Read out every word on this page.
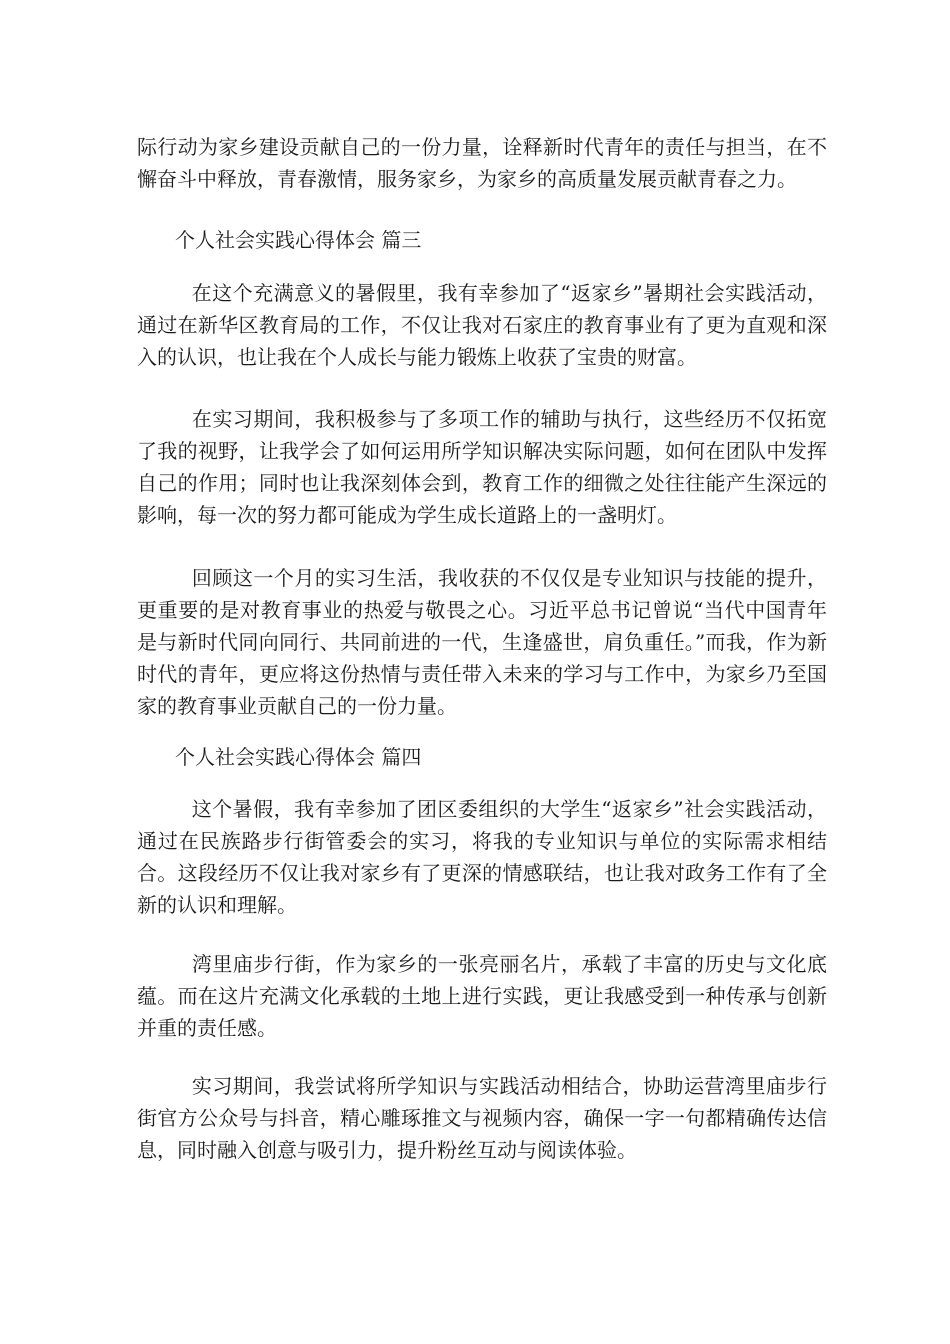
际行动为家乡建设贡献自己的一份力量，诠释新时代青年的责任与担当，在不懈奋斗中释放，青春激情，服务家乡，为家乡的高质量发展贡献青春之力。

个人社会实践心得体会 篇三

在这个充满意义的暑假里，我有幸参加了“返家乡”暑期社会实践活动，通过在新华区教育局的工作，不仅让我对石家庄的教育事业有了更为直观和深入的认识，也让我在个人成长与能力锻炼上收获了宝贵的财富。

在实习期间，我积极参与了多项工作的辅助与执行，这些经历不仅拓宽了我的视野，让我学会了如何运用所学知识解决实际问题，如何在团队中发挥自己的作用；同时也让我深刻体会到，教育工作的细微之处往往能产生深远的影响，每一次的努力都可能成为学生成长道路上的一盏明灯。

回顾这一个月的实习生活，我收获的不仅仅是专业知识与技能的提升，更重要的是对教育事业的热爱与敬畏之心。习近平总书记曾说“当代中国青年是与新时代同向同行、共同前进的一代，生逢盛世，肩负重任。”而我，作为新时代的青年，更应将这份热情与责任带入未来的学习与工作中，为家乡乃至国家的教育事业贡献自己的一份力量。

个人社会实践心得体会 篇四

这个暑假，我有幸参加了团区委组织的大学生“返家乡”社会实践活动，通过在民族路步行街管委会的实习，将我的专业知识与单位的实际需求相结合。这段经历不仅让我对家乡有了更深的情感联结，也让我对政务工作有了全新的认识和理解。

湾里庙步行街，作为家乡的一张亮丽名片，承载了丰富的历史与文化底蕴。而在这片充满文化承载的土地上进行实践，更让我感受到一种传承与创新并重的责任感。

实习期间，我尝试将所学知识与实践活动相结合，协助运营湾里庙步行街官方公众号与抖音，精心雕琢推文与视频内容，确保一字一句都精确传达信息，同时融入创意与吸引力，提升粉丝互动与阅读体验。
